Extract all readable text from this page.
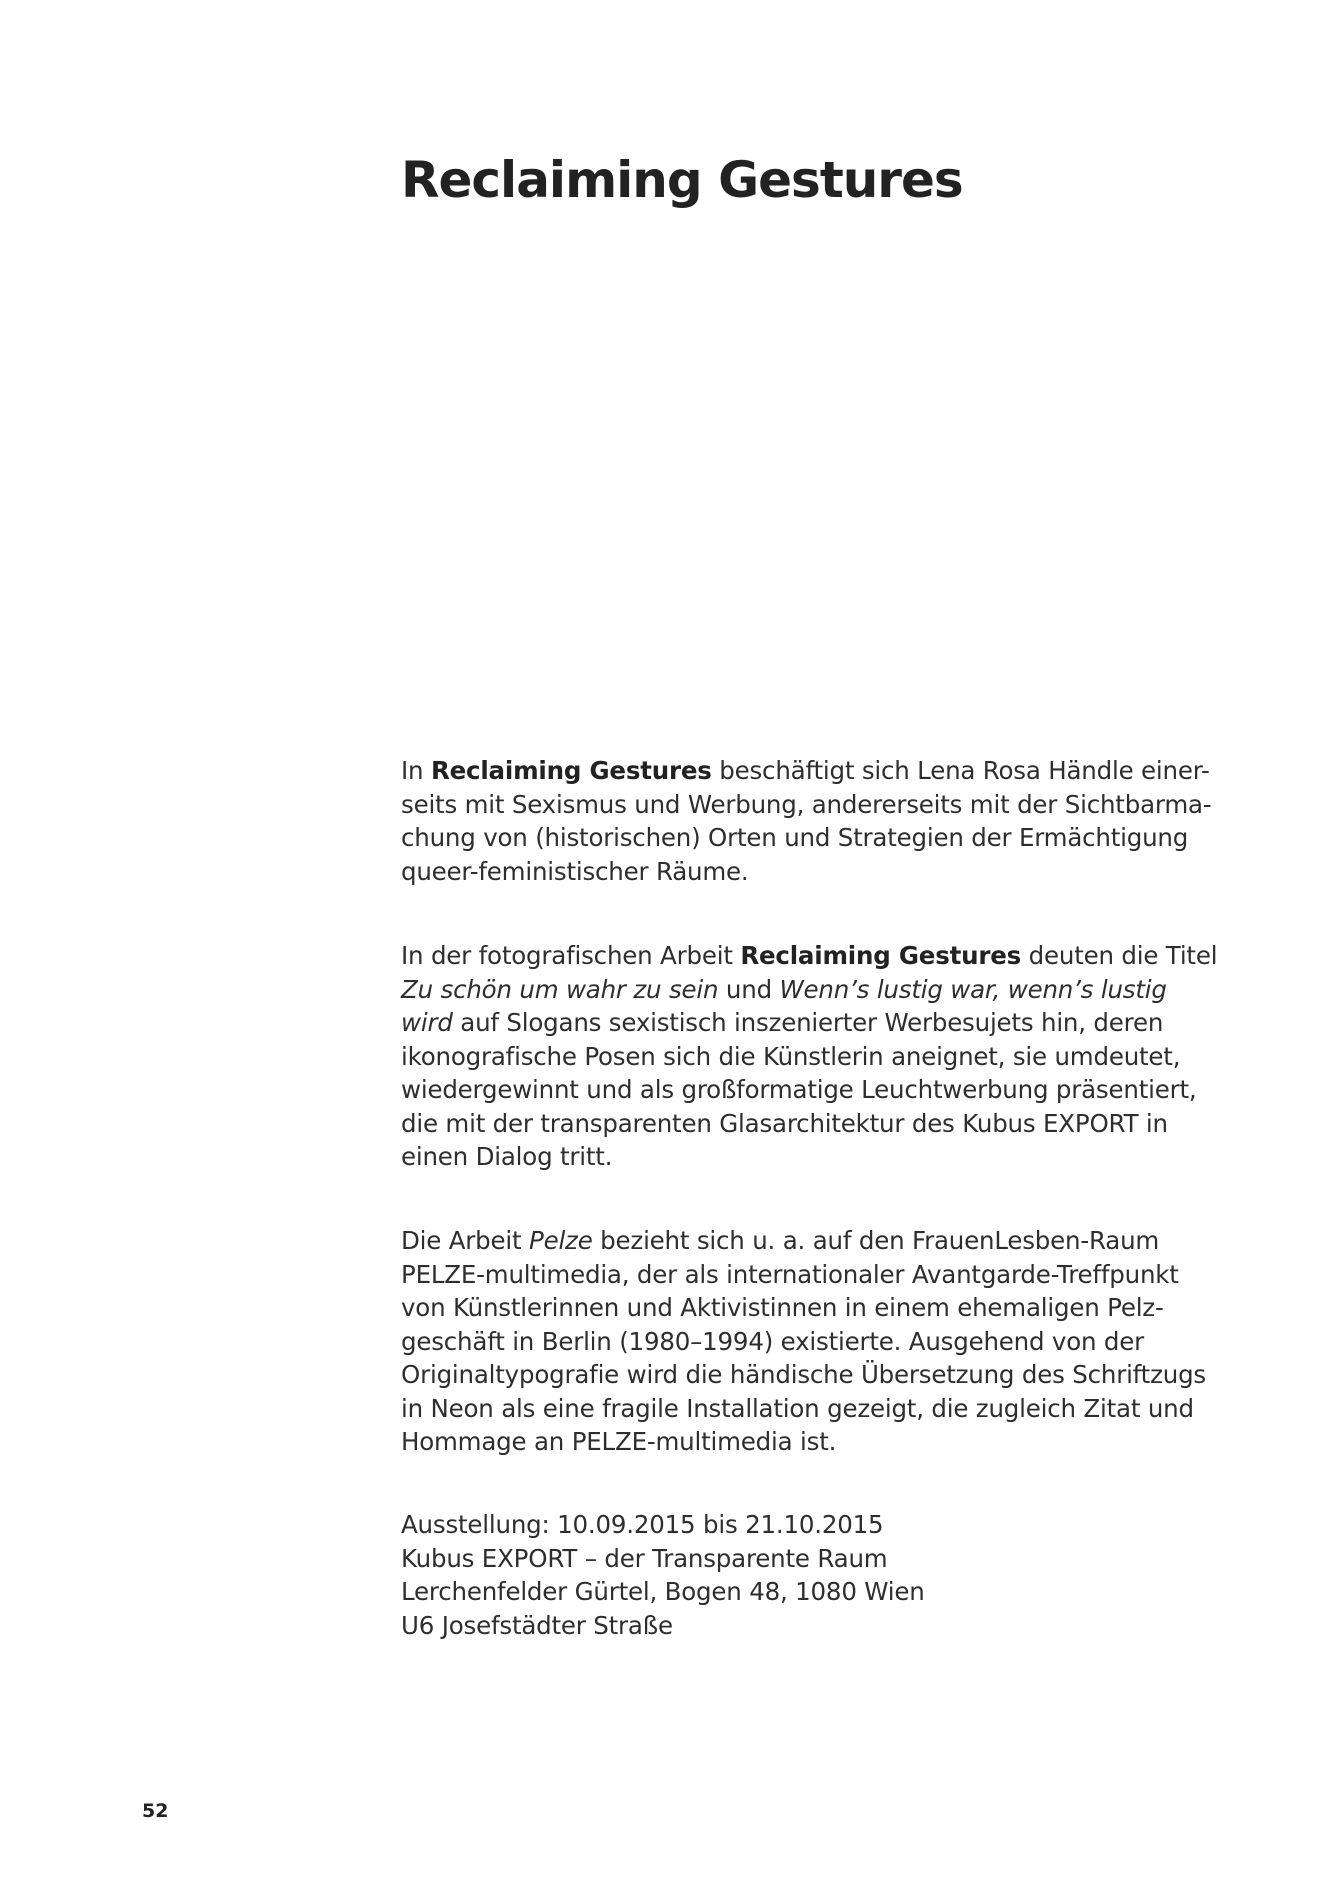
Reclaiming Gestures

In Reclaiming Gestures beschäftigt sich Lena Rosa Händle einer-
seits mit Sexismus und Werbung, andererseits mit der Sichtbarma-
chung von (historischen) Orten und Strategien der Ermächtigung
queer-feministischer Räume.

In der fotografischen Arbeit Reclaiming Gestures deuten die Titel
Zu schön um wahr zu sein und Wenn’s lustig war, wenn’s lustig
wird auf Slogans sexistisch inszenierter Werbesujets hin, deren
ikonografische Posen sich die Künstlerin aneignet, sie umdeutet,
wiedergewinnt und als großformatige Leuchtwerbung präsentiert,
die mit der transparenten Glasarchitektur des Kubus EXPORT in
einen Dialog tritt.

Die Arbeit Pelze bezieht sich u. a. auf den FrauenLesben-Raum
PELZE-multimedia, der als internationaler Avantgarde-Treffpunkt
von Künstlerinnen und Aktivistinnen in einem ehemaligen Pelz-
geschäft in Berlin (1980–1994) existierte. Ausgehend von der
Originaltypografie wird die händische Übersetzung des Schriftzugs
in Neon als eine fragile Installation gezeigt, die zugleich Zitat und
Hommage an PELZE-multimedia ist.

Ausstellung: 10.09.2015 bis 21.10.2015
Kubus EXPORT – der Transparente Raum
Lerchenfelder Gürtel, Bogen 48, 1080 Wien
U6 Josefstädter Straße

52
